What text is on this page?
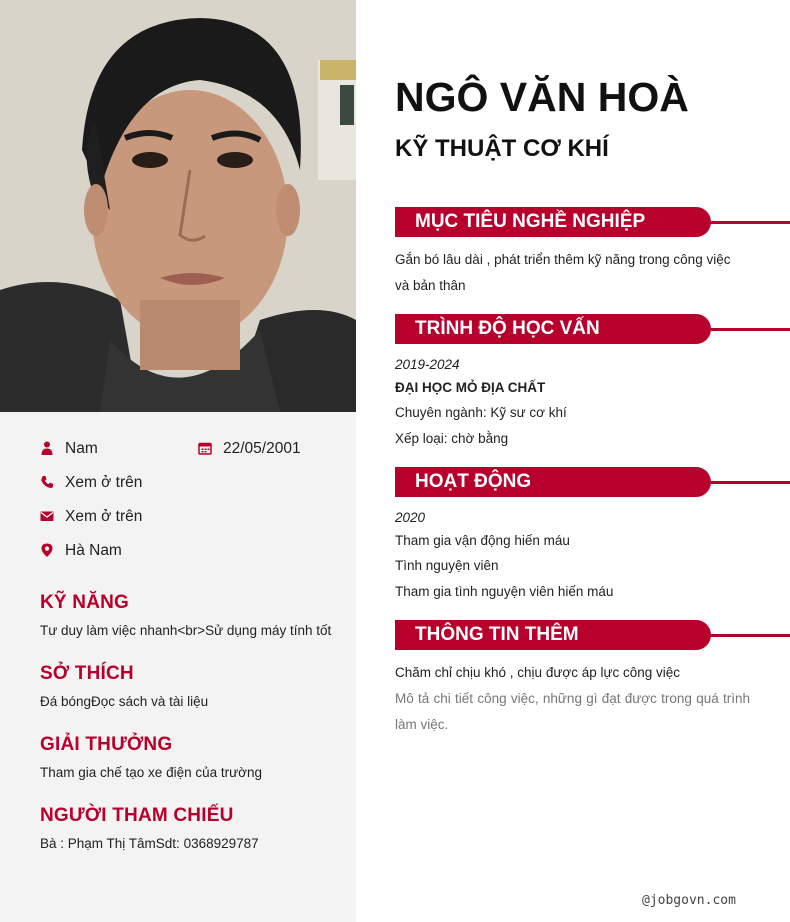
Nam	22/05/2001
Xem ở trên
Xem ở trên
Hà Nam
KỸ NĂNG
Tư duy làm việc nhanh<br>Sử dụng máy tính tốt
SỞ THÍCH
Đá bóngĐọc sách và tài liệu
GIẢI THƯỞNG
Tham gia chế tạo xe điện của trường
NGƯỜI THAM CHIẾU
Bà : Phạm Thị TâmSdt: 0368929787
NGÔ VĂN HOÀ
KỸ THUẬT CƠ KHÍ
MỤC TIÊU NGHỀ NGHIỆP
Gắn bó lâu dài , phát triển thêm kỹ năng trong công việc
và bản thân
TRÌNH ĐỘ HỌC VẤN
2019-2024
ĐẠI HỌC MỎ ĐỊA CHẤT
Chuyên ngành: Kỹ sư cơ khí
Xếp loại: chờ bằng
HOẠT ĐỘNG
2020
Tham gia vận động hiến máu
Tình nguyện viên
Tham gia tình nguyện viên hiến máu
THÔNG TIN THÊM
Chăm chỉ chịu khó , chịu được áp lực công việc
Mô tả chi tiết công việc, những gì đạt được trong quá trình làm việc.
@jobgovn.com
